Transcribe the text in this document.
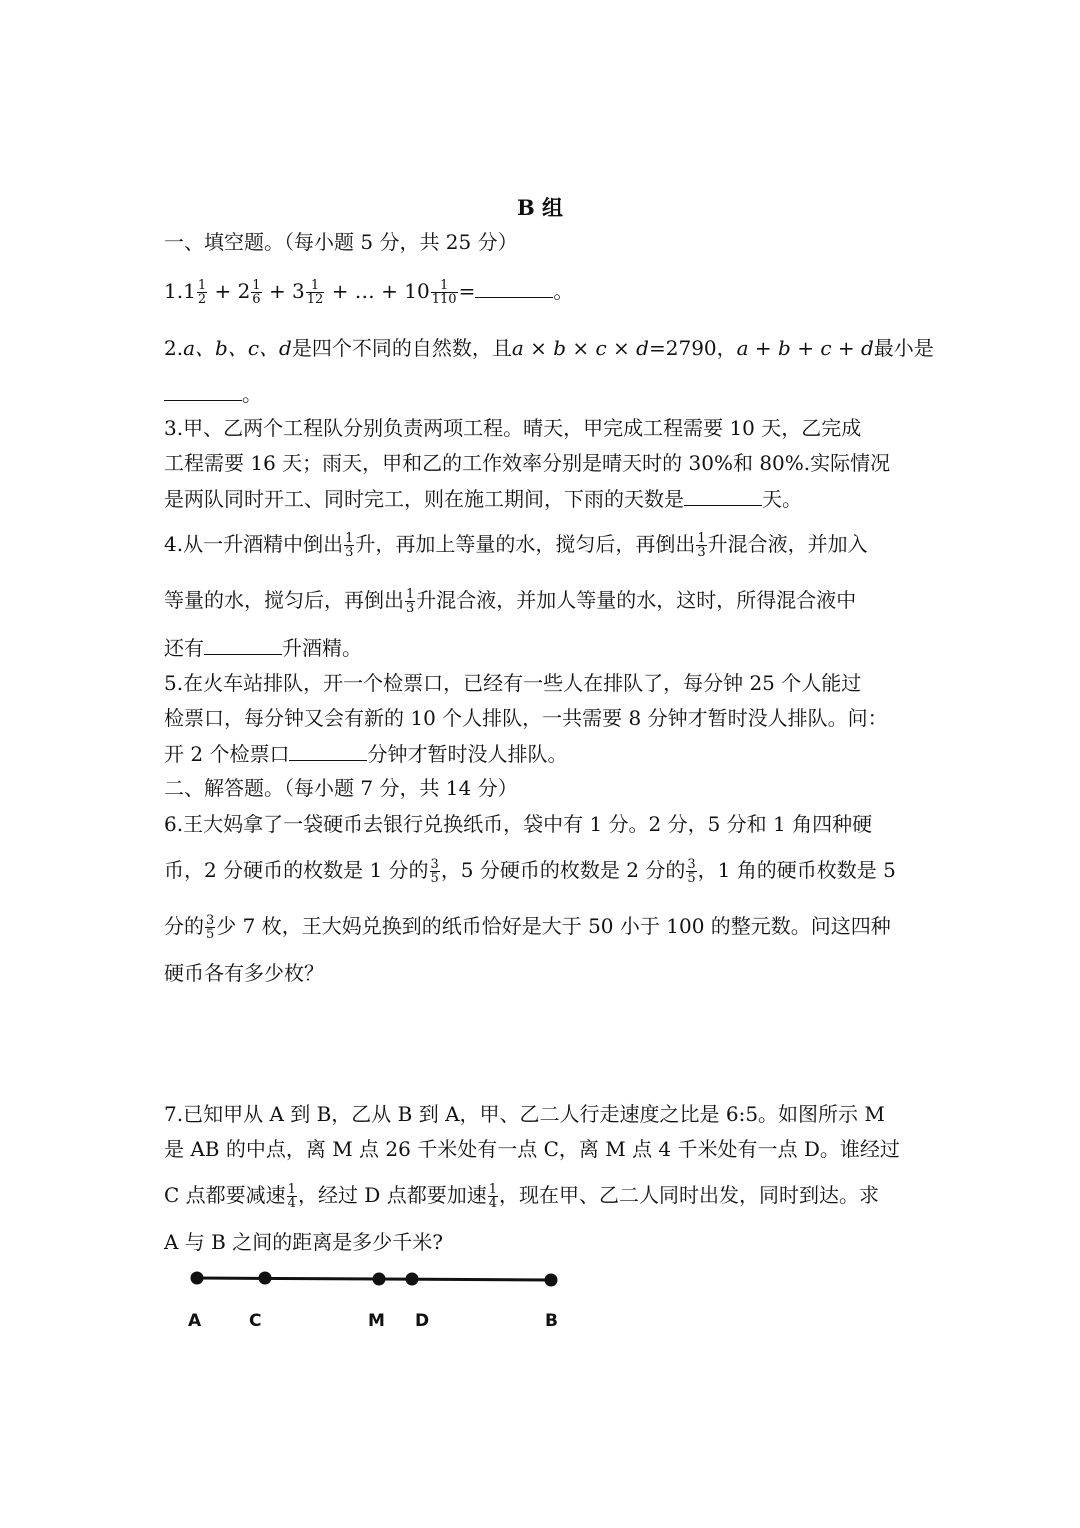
B 组
一、填空题。（每小题 5 分，共 25 分）
$1.1 \frac{1}{2} + 2 \frac{1}{6} + 3 \frac{1}{12}$ + … + $10 \frac{1}{110}$ =	。
2.a、b、c、d是四个不同的自然数，且a × b × c × d=2790，a + b + c + d最小是
。
3.甲、乙两个工程队分别负责两项工程。晴天，甲完成工程需要 10 天，乙完成
工程需要 16 天；雨天，甲和乙的工作效率分别是晴天时的 30%和 80%.实际情况
是两队同时开工、同时完工，则在施工期间，下雨的天数是	天。
4.从一升酒精中倒出 $\frac{1}{3}$ 升，再加上等量的水，搅匀后，再倒出 $\frac{1}{3}$ 升混合液，并加入
等量的水，搅匀后，再倒出 $\frac{1}{3}$ 升混合液，并加人等量的水，这时，所得混合液中
还有	升酒精。
5.在火车站排队，开一个检票口，已经有一些人在排队了，每分钟 25 个人能过
检票口，每分钟又会有新的 10 个人排队，一共需要 8 分钟才暂时没人排队。问：
开 2 个检票口	分钟才暂时没人排队。
二、解答题。（每小题 7 分，共 14 分）
6.王大妈拿了一袋硬币去银行兑换纸币，袋中有 1 分。2 分，5 分和 1 角四种硬
币，2 分硬币的枚数是 1 分的 $\frac{3}{5}$ ，5 分硬币的枚数是 2 分的 $\frac{3}{5}$ ，1 角的硬币枚数是 5
分的 $\frac{3}{5}$ 少 7 枚，王大妈兑换到的纸币恰好是大于 50 小于 100 的整元数。问这四种
硬币各有多少枚？
7.已知甲从 A 到 B，乙从 B 到 A，甲、乙二人行走速度之比是 6:5。如图所示 M
是 AB 的中点，离 M 点 26 千米处有一点 C，离 M 点 4 千米处有一点 D。谁经过
C 点都要减速 $\frac{1}{4}$ ，经过 D 点都要加速 $\frac{1}{4}$ ，现在甲、乙二人同时出发，同时到达。求
A 与 B 之间的距离是多少千米?
A	C	M D	B
